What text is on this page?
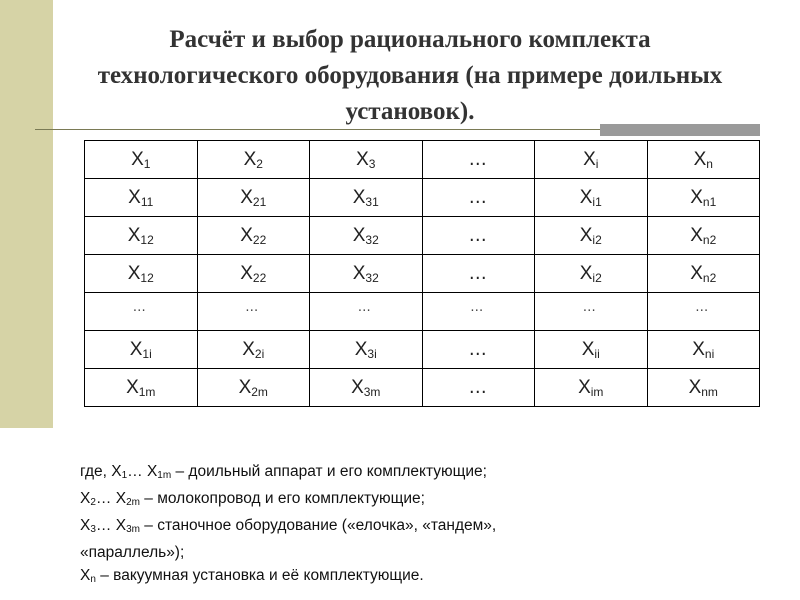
Расчёт и выбор рационального комплекта технологического оборудования (на примере доильных установок).
$X_1$	$X_2$	$X_3$	…	$X_i$	$X_n$
$X_{11}$	$X_{21}$	$X_{31}$	…	$X_{i1}$	$X_{n1}$
$X_{12}$	$X_{22}$	$X_{32}$	…	$X_{i2}$	$X_{n2}$
$X_{12}$	$X_{22}$	$X_{32}$	…	$X_{i2}$	$X_{n2}$
…	…	…	…	…	…
$X_{1i}$	$X_{2i}$	$X_{3i}$	…	$X_{ii}$	$X_{ni}$
$X_{1m}$	$X_{2m}$	$X_{3m}$	…	$X_{im}$	$X_{nm}$

где, $X_1\dots$ $X_{1m}$ – доильный аппарат и его комплектующие;

$X_2\dots$ $X_{2m}$ – молокопровод и его комплектующие;

$X_3\dots$ $X_{3m}$ – станочное оборудование («елочка», «тандем»,

«параллель»);

$X_n$ – вакуумная установка и её комплектующие.
